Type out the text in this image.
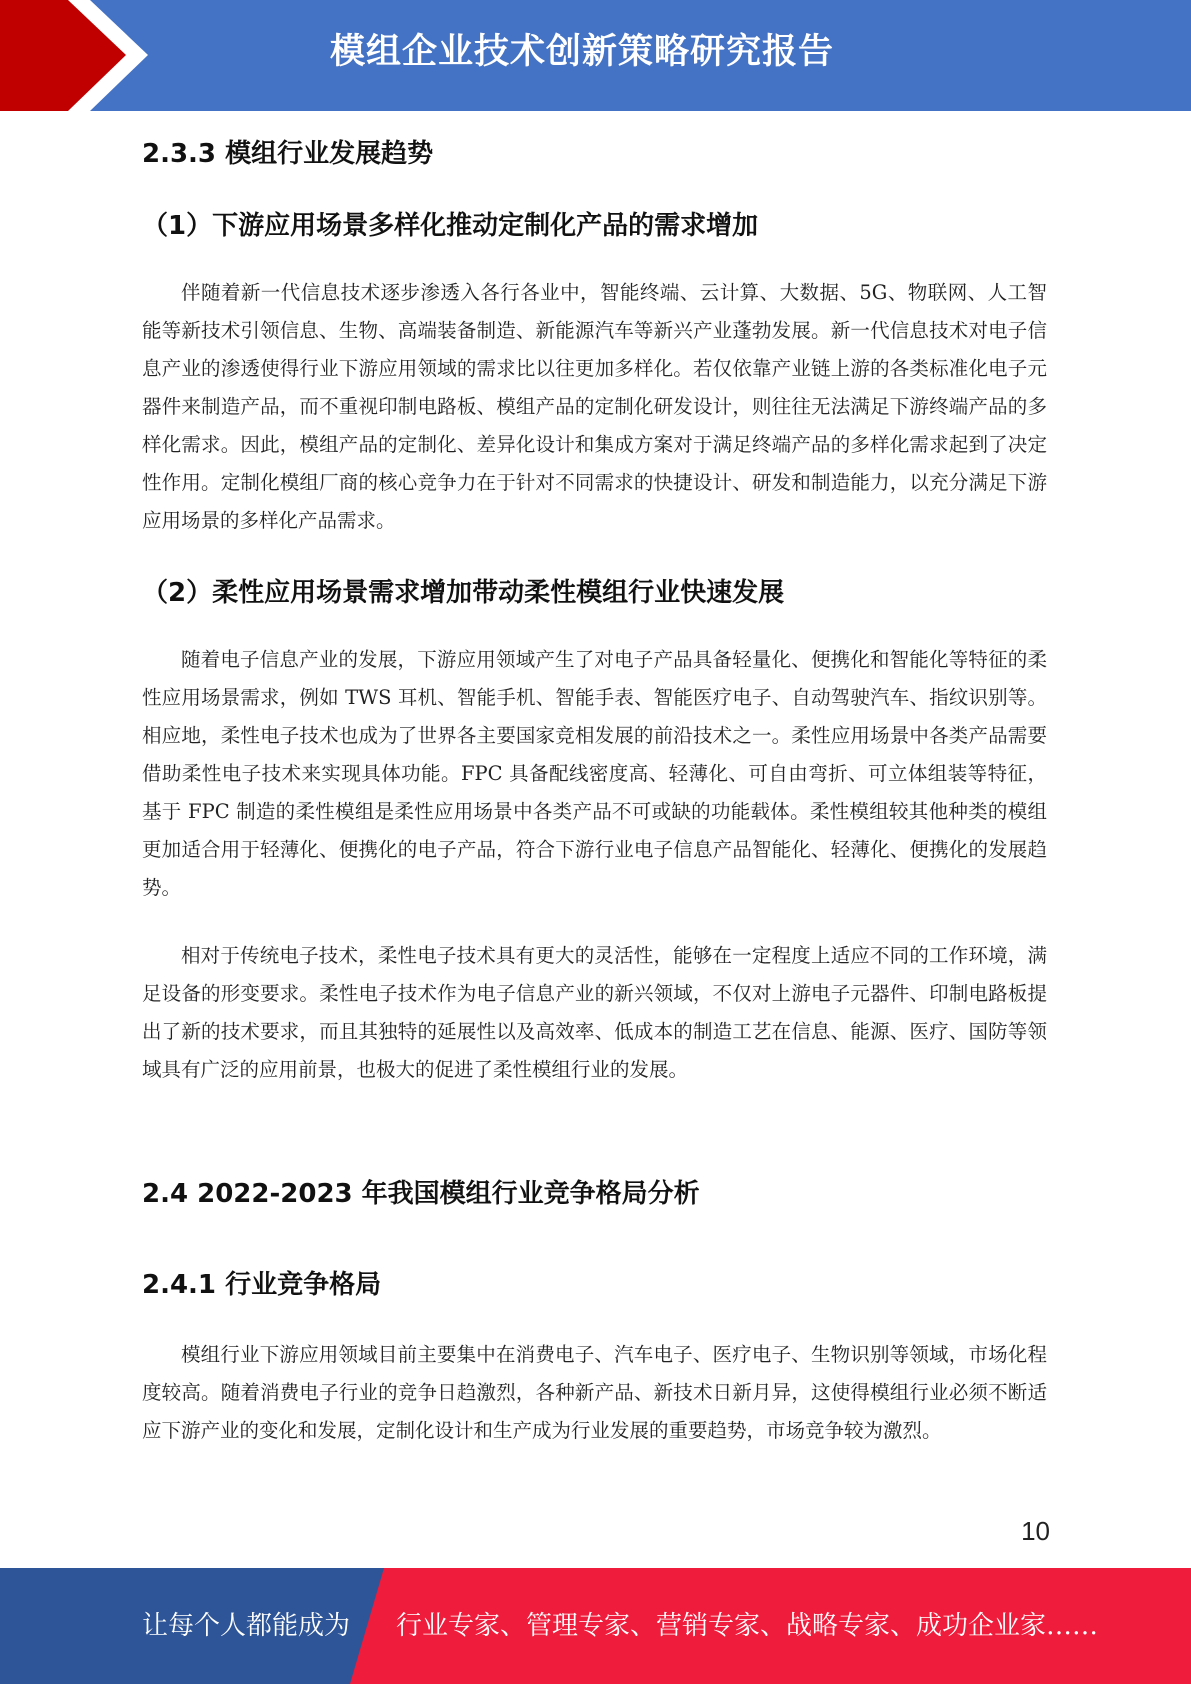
模组企业技术创新策略研究报告
2.3.3 模组行业发展趋势
（1）下游应用场景多样化推动定制化产品的需求增加

伴随着新一代信息技术逐步渗透入各行各业中，智能终端、云计算、大数据、5G、物联网、人工智能等新技术引领信息、生物、高端装备制造、新能源汽车等新兴产业蓬勃发展。新一代信息技术对电子信息产业的渗透使得行业下游应用领域的需求比以往更加多样化。若仅依靠产业链上游的各类标准化电子元器件来制造产品，而不重视印制电路板、模组产品的定制化研发设计，则往往无法满足下游终端产品的多样化需求。因此，模组产品的定制化、差异化设计和集成方案对于满足终端产品的多样化需求起到了决定性作用。定制化模组厂商的核心竞争力在于针对不同需求的快捷设计、研发和制造能力，以充分满足下游应用场景的多样化产品需求。

（2）柔性应用场景需求增加带动柔性模组行业快速发展

随着电子信息产业的发展，下游应用领域产生了对电子产品具备轻量化、便携化和智能化等特征的柔性应用场景需求，例如 TWS 耳机、智能手机、智能手表、智能医疗电子、自动驾驶汽车、指纹识别等。相应地，柔性电子技术也成为了世界各主要国家竞相发展的前沿技术之一。柔性应用场景中各类产品需要借助柔性电子技术来实现具体功能。FPC 具备配线密度高、轻薄化、可自由弯折、可立体组装等特征，基于 FPC 制造的柔性模组是柔性应用场景中各类产品不可或缺的功能载体。柔性模组较其他种类的模组更加适合用于轻薄化、便携化的电子产品，符合下游行业电子信息产品智能化、轻薄化、便携化的发展趋势。

相对于传统电子技术，柔性电子技术具有更大的灵活性，能够在一定程度上适应不同的工作环境，满足设备的形变要求。柔性电子技术作为电子信息产业的新兴领域，不仅对上游电子元器件、印制电路板提出了新的技术要求，而且其独特的延展性以及高效率、低成本的制造工艺在信息、能源、医疗、国防等领域具有广泛的应用前景，也极大的促进了柔性模组行业的发展。

2.4 2022-2023 年我国模组行业竞争格局分析
2.4.1 行业竞争格局

模组行业下游应用领域目前主要集中在消费电子、汽车电子、医疗电子、生物识别等领域，市场化程度较高。随着消费电子行业的竞争日趋激烈，各种新产品、新技术日新月异，这使得模组行业必须不断适应下游产业的变化和发展，定制化设计和生产成为行业发展的重要趋势，市场竞争较为激烈。

10
让每个人都能成为 行业专家、管理专家、营销专家、战略专家、成功企业家……
